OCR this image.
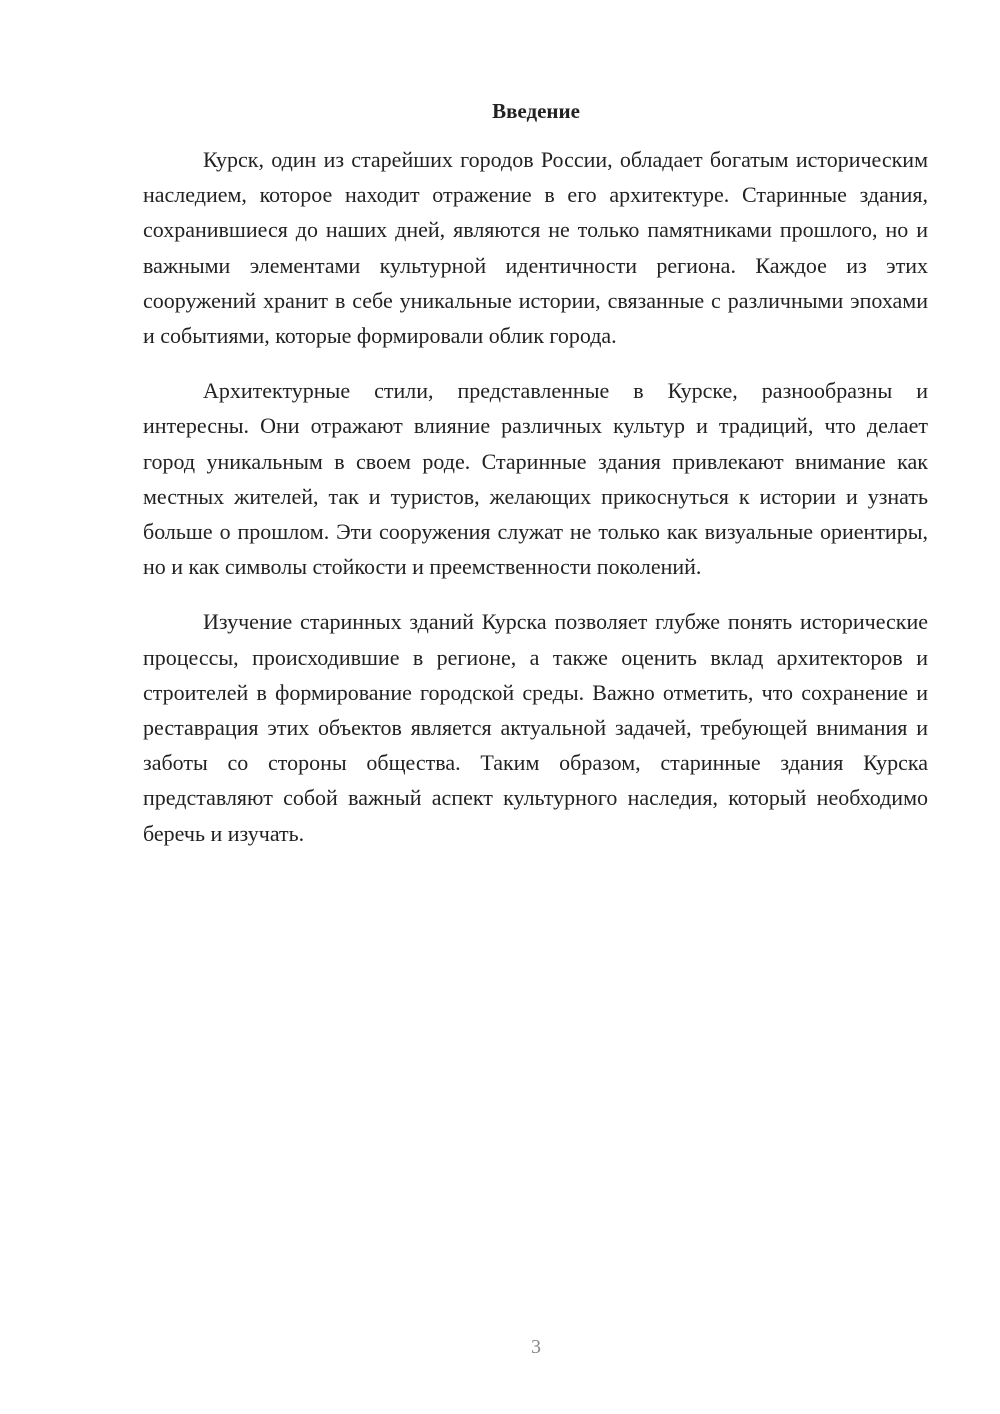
Введение

Курск, один из старейших городов России, обладает богатым историческим наследием, которое находит отражение в его архитектуре. Старинные здания, сохранившиеся до наших дней, являются не только памятниками прошлого, но и важными элементами культурной идентичности региона. Каждое из этих сооружений хранит в себе уникальные истории, связанные с различными эпохами и событиями, которые формировали облик города.

Архитектурные стили, представленные в Курске, разнообразны и интересны. Они отражают влияние различных культур и традиций, что делает город уникальным в своем роде. Старинные здания привлекают внимание как местных жителей, так и туристов, желающих прикоснуться к истории и узнать больше о прошлом. Эти сооружения служат не только как визуальные ориентиры, но и как символы стойкости и преемственности поколений.

Изучение старинных зданий Курска позволяет глубже понять исторические процессы, происходившие в регионе, а также оценить вклад архитекторов и строителей в формирование городской среды. Важно отметить, что сохранение и реставрация этих объектов является актуальной задачей, требующей внимания и заботы со стороны общества. Таким образом, старинные здания Курска представляют собой важный аспект культурного наследия, который необходимо беречь и изучать.

3
